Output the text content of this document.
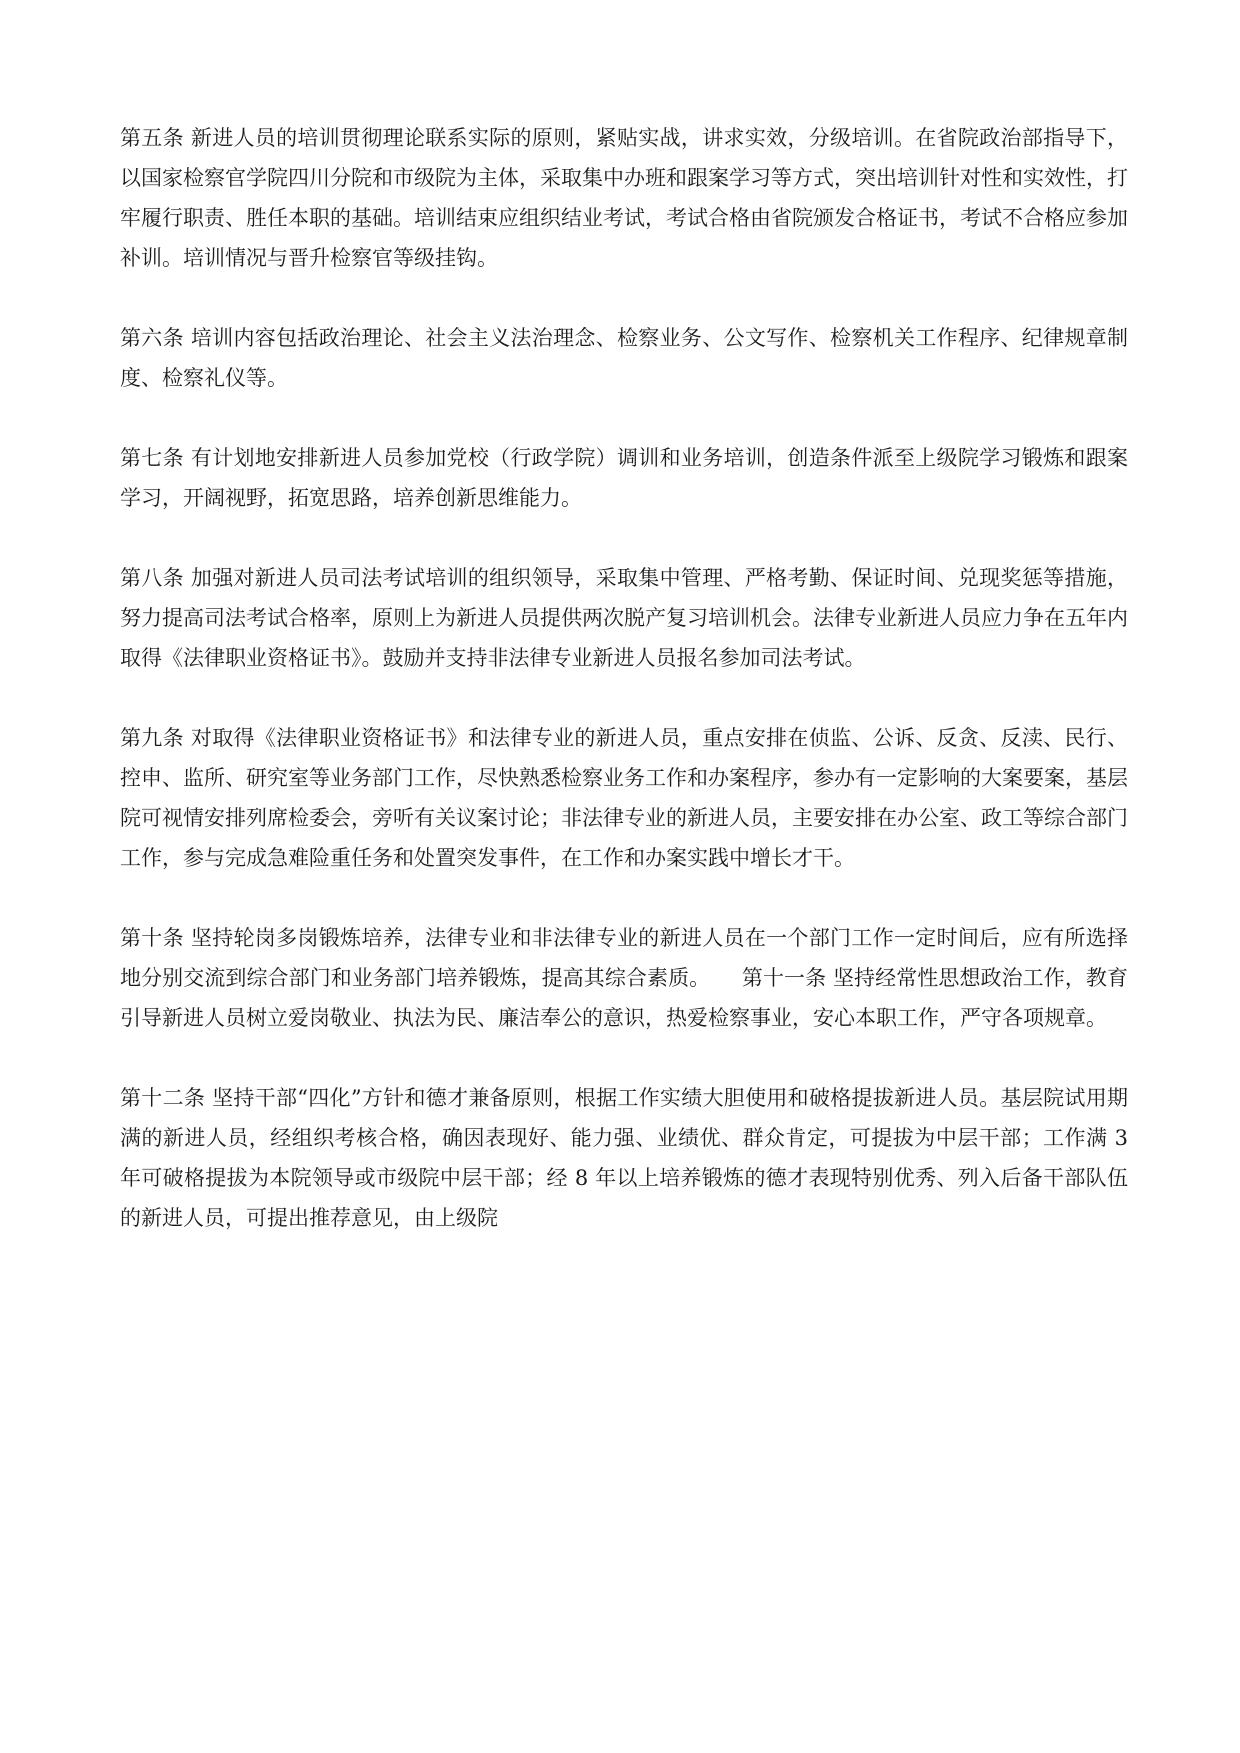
第五条 新进人员的培训贯彻理论联系实际的原则，紧贴实战，讲求实效，分级培训。在省院政治部指导下，以国家检察官学院四川分院和市级院为主体，采取集中办班和跟案学习等方式，突出培训针对性和实效性，打牢履行职责、胜任本职的基础。培训结束应组织结业考试，考试合格由省院颁发合格证书，考试不合格应参加补训。培训情况与晋升检察官等级挂钩。

第六条 培训内容包括政治理论、社会主义法治理念、检察业务、公文写作、检察机关工作程序、纪律规章制度、检察礼仪等。

第七条 有计划地安排新进人员参加党校（行政学院）调训和业务培训，创造条件派至上级院学习锻炼和跟案学习，开阔视野，拓宽思路，培养创新思维能力。

第八条 加强对新进人员司法考试培训的组织领导，采取集中管理、严格考勤、保证时间、兑现奖惩等措施，努力提高司法考试合格率，原则上为新进人员提供两次脱产复习培训机会。法律专业新进人员应力争在五年内取得《法律职业资格证书》。鼓励并支持非法律专业新进人员报名参加司法考试。

第九条 对取得《法律职业资格证书》和法律专业的新进人员，重点安排在侦监、公诉、反贪、反渎、民行、控申、监所、研究室等业务部门工作，尽快熟悉检察业务工作和办案程序，参办有一定影响的大案要案，基层院可视情安排列席检委会，旁听有关议案讨论；非法律专业的新进人员，主要安排在办公室、政工等综合部门工作，参与完成急难险重任务和处置突发事件，在工作和办案实践中增长才干。

第十条 坚持轮岗多岗锻炼培养，法律专业和非法律专业的新进人员在一个部门工作一定时间后，应有所选择地分别交流到综合部门和业务部门培养锻炼，提高其综合素质。　　第十一条 坚持经常性思想政治工作，教育引导新进人员树立爱岗敬业、执法为民、廉洁奉公的意识，热爱检察事业，安心本职工作，严守各项规章。

第十二条 坚持干部“四化”方针和德才兼备原则，根据工作实绩大胆使用和破格提拔新进人员。基层院试用期满的新进人员，经组织考核合格，确因表现好、能力强、业绩优、群众肯定，可提拔为中层干部；工作满 3 年可破格提拔为本院领导或市级院中层干部；经 8 年以上培养锻炼的德才表现特别优秀、列入后备干部队伍的新进人员，可提出推荐意见，由上级院
